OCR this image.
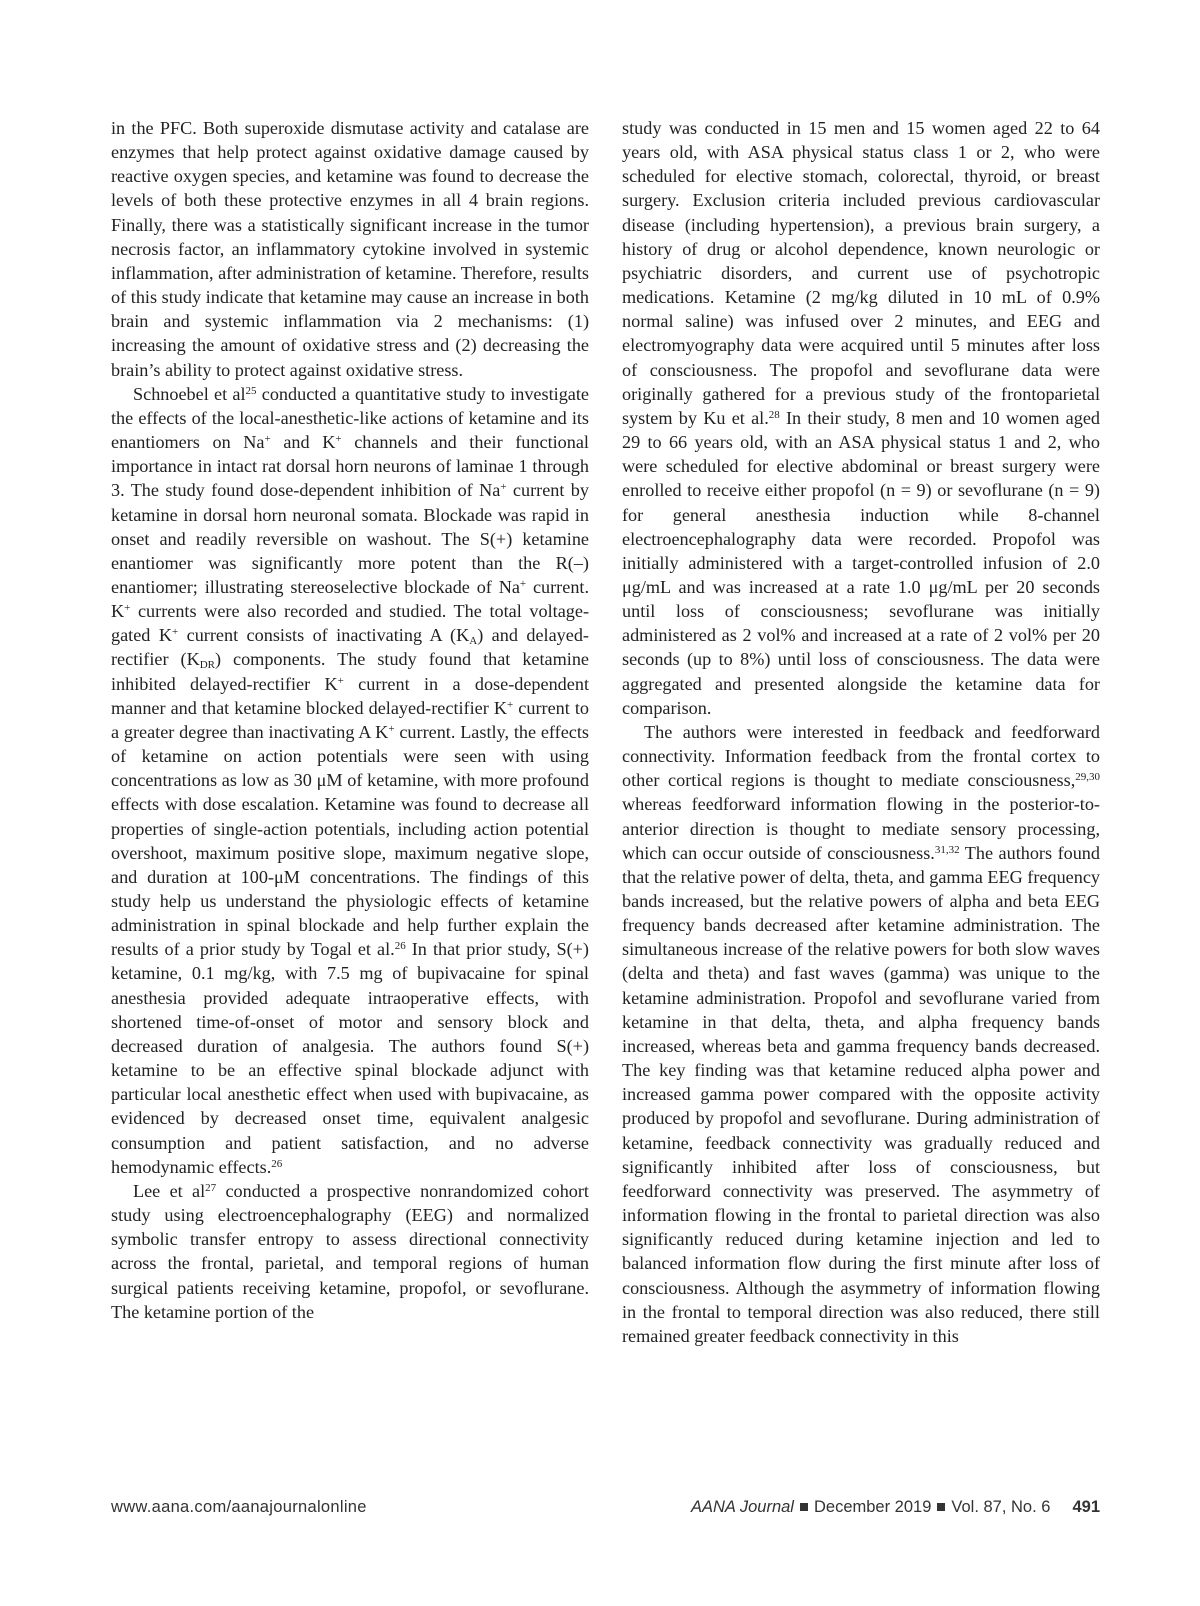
in the PFC. Both superoxide dismutase activity and catalase are enzymes that help protect against oxidative damage caused by reactive oxygen species, and ketamine was found to decrease the levels of both these protective enzymes in all 4 brain regions. Finally, there was a statistically significant increase in the tumor necrosis factor, an inflammatory cytokine involved in systemic inflammation, after administration of ketamine. Therefore, results of this study indicate that ketamine may cause an increase in both brain and systemic inflammation via 2 mechanisms: (1) increasing the amount of oxidative stress and (2) decreasing the brain’s ability to protect against oxidative stress.

Schnoebel et $al^{25}$ conducted a quantitative study to investigate the effects of the local-anesthetic-like actions of ketamine and its enantiomers on Na+ and K+ channels and their functional importance in intact rat dorsal horn neurons of laminae 1 through 3. The study found dose-dependent inhibition of Na+ current by ketamine in dorsal horn neuronal somata. Blockade was rapid in onset and readily reversible on washout. The S(+) ketamine enantiomer was significantly more potent than the R(–) enantiomer; illustrating stereoselective blockade of Na+ current. K+ currents were also recorded and studied. The total voltage-gated K+ current consists of inactivating A $(K_A)$ and delayed-rectifier $(K_{DR})$ components. The study found that ketamine inhibited delayed-rectifier K+ current in a dose-dependent manner and that ketamine blocked delayed-rectifier K+ current to a greater degree than inactivating A K+ current. Lastly, the effects of ketamine on action potentials were seen with using concentrations as low as 30 μM of ketamine, with more profound effects with dose escalation. Ketamine was found to decrease all properties of single-action potentials, including action potential overshoot, maximum positive slope, maximum negative slope, and duration at 100-μM concentrations. The findings of this study help us understand the physiologic effects of ketamine administration in spinal blockade and help further explain the results of a prior study by Togal et al.$^{26}$ In that prior study, S(+) ketamine, 0.1 mg/kg, with 7.5 mg of bupivacaine for spinal anesthesia provided adequate intraoperative effects, with shortened time-of-onset of motor and sensory block and decreased duration of analgesia. The authors found S(+) ketamine to be an effective spinal blockade adjunct with particular local anesthetic effect when used with bupivacaine, as evidenced by decreased onset time, equivalent analgesic consumption and patient satisfaction, and no adverse hemodynamic effects.$^{26}$

Lee et $al^{27}$ conducted a prospective nonrandomized cohort study using electroencephalography (EEG) and normalized symbolic transfer entropy to assess directional connectivity across the frontal, parietal, and temporal regions of human surgical patients receiving ketamine, propofol, or sevoflurane. The ketamine portion of the

study was conducted in 15 men and 15 women aged 22 to 64 years old, with ASA physical status class 1 or 2, who were scheduled for elective stomach, colorectal, thyroid, or breast surgery. Exclusion criteria included previous cardiovascular disease (including hypertension), a previous brain surgery, a history of drug or alcohol dependence, known neurologic or psychiatric disorders, and current use of psychotropic medications. Ketamine (2 mg/kg diluted in 10 mL of 0.9% normal saline) was infused over 2 minutes, and EEG and electromyography data were acquired until 5 minutes after loss of consciousness. The propofol and sevoflurane data were originally gathered for a previous study of the frontoparietal system by Ku et al.$^{28}$ In their study, 8 men and 10 women aged 29 to 66 years old, with an ASA physical status 1 and 2, who were scheduled for elective abdominal or breast surgery were enrolled to receive either propofol (n = 9) or sevoflurane (n = 9) for general anesthesia induction while 8-channel electroencephalography data were recorded. Propofol was initially administered with a target-controlled infusion of 2.0 μg/mL and was increased at a rate 1.0 μg/mL per 20 seconds until loss of consciousness; sevoflurane was initially administered as 2 vol% and increased at a rate of 2 vol% per 20 seconds (up to 8%) until loss of consciousness. The data were aggregated and presented alongside the ketamine data for comparison.

The authors were interested in feedback and feedforward connectivity. Information feedback from the frontal cortex to other cortical regions is thought to mediate consciousness,$^{29,30}$ whereas feedforward information flowing in the posterior-to-anterior direction is thought to mediate sensory processing, which can occur outside of consciousness.$^{31,32}$ The authors found that the relative power of delta, theta, and gamma EEG frequency bands increased, but the relative powers of alpha and beta EEG frequency bands decreased after ketamine administration. The simultaneous increase of the relative powers for both slow waves (delta and theta) and fast waves (gamma) was unique to the ketamine administration. Propofol and sevoflurane varied from ketamine in that delta, theta, and alpha frequency bands increased, whereas beta and gamma frequency bands decreased. The key finding was that ketamine reduced alpha power and increased gamma power compared with the opposite activity produced by propofol and sevoflurane. During administration of ketamine, feedback connectivity was gradually reduced and significantly inhibited after loss of consciousness, but feedforward connectivity was preserved. The asymmetry of information flowing in the frontal to parietal direction was also significantly reduced during ketamine injection and led to balanced information flow during the first minute after loss of consciousness. Although the asymmetry of information flowing in the frontal to temporal direction was also reduced, there still remained greater feedback connectivity in this

www.aana.com/aanajournalonline	AANA Journal December 2019 Vol. 87, No. 6 491
